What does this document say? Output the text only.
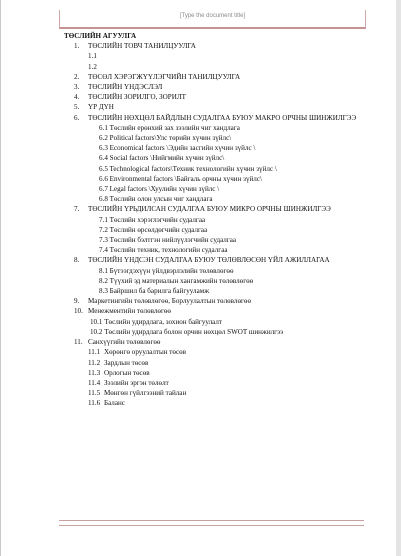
[Type the document title]
ТӨСЛИЙН АГУУЛГА
1. ТӨСЛИЙН ТОВЧ ТАНИЛЦУУЛГА
1.1

1.2

2. ТӨСӨЛ ХЭРЭГЖҮҮЛЭГЧИЙН ТАНИЛЦУУЛГА
3. ТӨСЛИЙН ҮНДЭСЛЭЛ
4. ТӨСЛИЙН ЗОРИЛГО, ЗОРИЛТ
5. ҮР ДҮН
6. ТӨСЛИЙН НӨХЦӨЛ БАЙДЛЫН СУДАЛГАА БУЮУ МАКРО ОРЧНЫ ШИНЖИЛГЭЭ
6.1 Төслийн ерөнхий зах зээлийн чиг хандлага
6.2 Political factors\Улс төрийн хүчин зүйлс\
6.3 Economical factors \Эдийн засгийн хүчин зүйлс \
6.4 Social factors \Нийгмийн хүчин зүйлс\
6.5 Technological factors\Техник технологийн хүчин зүйлс \
6.6 Environmental factors \Байгаль орчны хүчин зүйлс\
6.7 Legal factors \Хуулийн хүчин зүйлс \
6.8 Төслийн олон улсын чиг хандлага
7. ТӨСЛИЙН ҮРЬДИЛСАН СУДАЛГАА БУЮУ МИКРО ОРЧНЫ ШИНЖИЛГЭЭ
7.1 Төслийн хэрэглэгчийн судалгаа
7.2 Төслийн өрсөлдөгчийн судалгаа
7.3 Төслийн бэлтгэн нийлүүлэгчийн судалгаа
7.4 Төслийн техник, технологийн судалгаа
8. ТӨСЛИЙН ҮНДСЭН СУДАЛГАА БУЮУ ТӨЛӨВЛӨСӨН ҮЙЛ АЖИЛЛАГАА
8.1 Бүтээгдэхүүн үйлдвэрлэлийн төлөвлөгөө
8.2 Түүхий эд материалын хангамжийн төлөвлөгөө
8.3 Байршил ба барилга байгууламж
9. Маркетингийн төлөвлөгөө, Борлуулалтын төлөвлөгөө
10. Менежментийн төлөвлөгөө
10.1 Төслийн удирдлага, зохион байгуулалт
10.2 Төслийн удирдлага болон орчин нөхцөл SWOT шинжилгээ
11. Санхүүгийн төлөвлөгөө
11.1 Хөрөнгө оруулалтын төсөв
11.2 Зардлын төсөв
11.3 Орлогын төсөв
11.4 Зээлийн эргэн төлөлт
11.5 Мөнгөн гүйлгээний тайлан
11.6 Баланс
